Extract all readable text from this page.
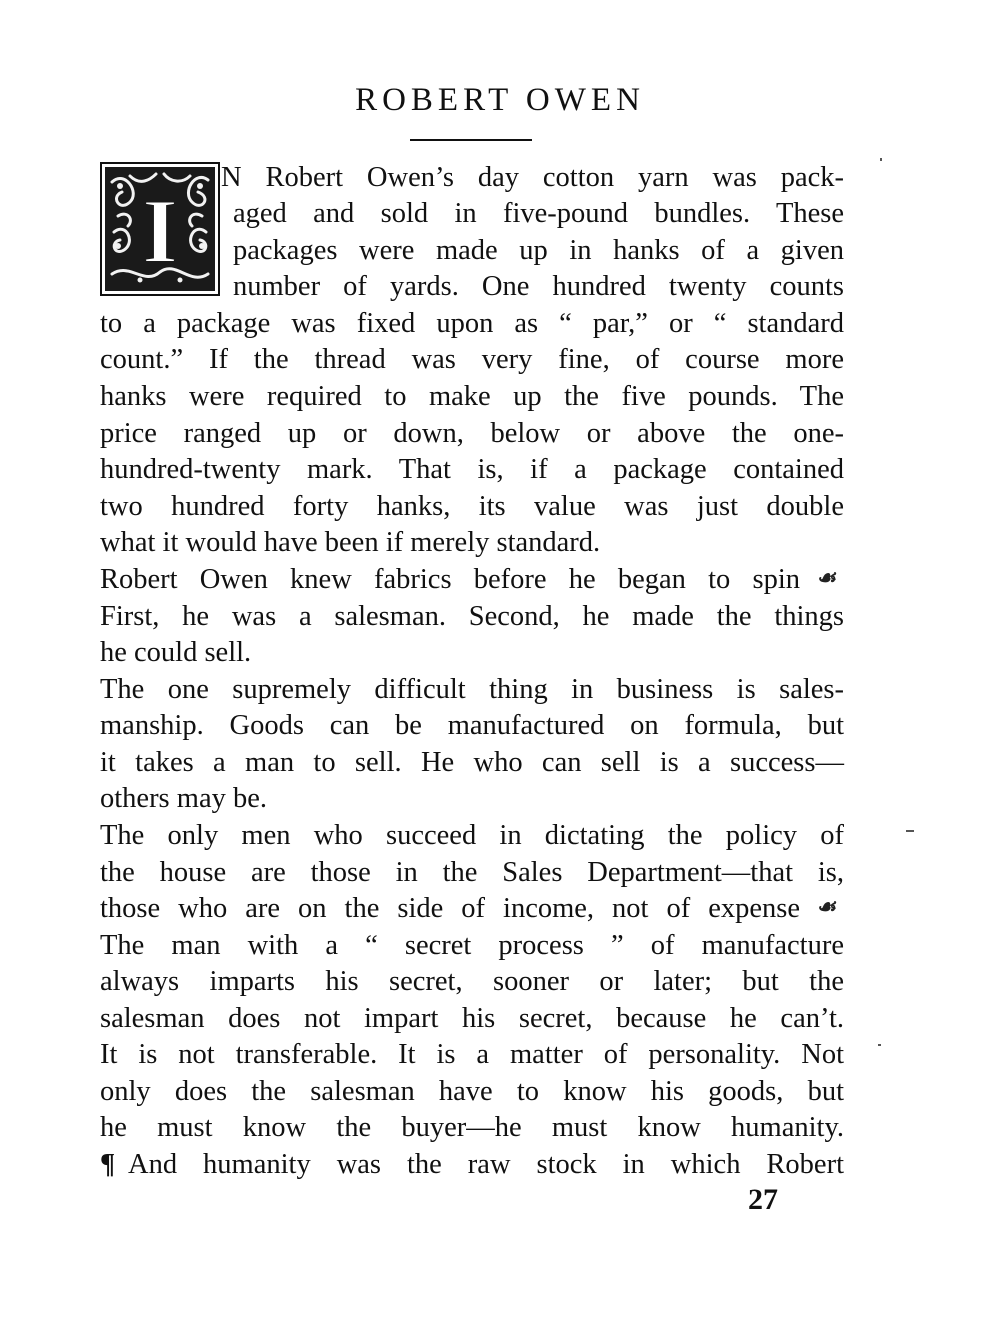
ROBERT OWEN
I
N Robert Owen’s day cotton yarn was pack-
aged and sold in five-pound bundles. These
packages were made up in hanks of a given
number of yards. One hundred twenty counts
to a package was fixed upon as “ par,” or “ standard
count.” If the thread was very fine, of course more
hanks were required to make up the five pounds. The
price ranged up or down, below or above the one-
hundred-twenty mark. That is, if a package contained
two hundred forty hanks, its value was just double
what it would have been if merely standard.
Robert Owen knew fabrics before he began to spin ☙
First, he was a salesman. Second, he made the things
he could sell.
The one supremely difficult thing in business is sales-
manship. Goods can be manufactured on formula, but
it takes a man to sell. He who can sell is a success—
others may be.
The only men who succeed in dictating the policy of
the house are those in the Sales Department—that is,
those who are on the side of income, not of expense ☙
The man with a “ secret process ” of manufacture
always imparts his secret, sooner or later; but the
salesman does not impart his secret, because he can’t.
It is not transferable. It is a matter of personality. Not
only does the salesman have to know his goods, but
he must know the buyer—he must know humanity.
¶ And humanity was the raw stock in which Robert
27
